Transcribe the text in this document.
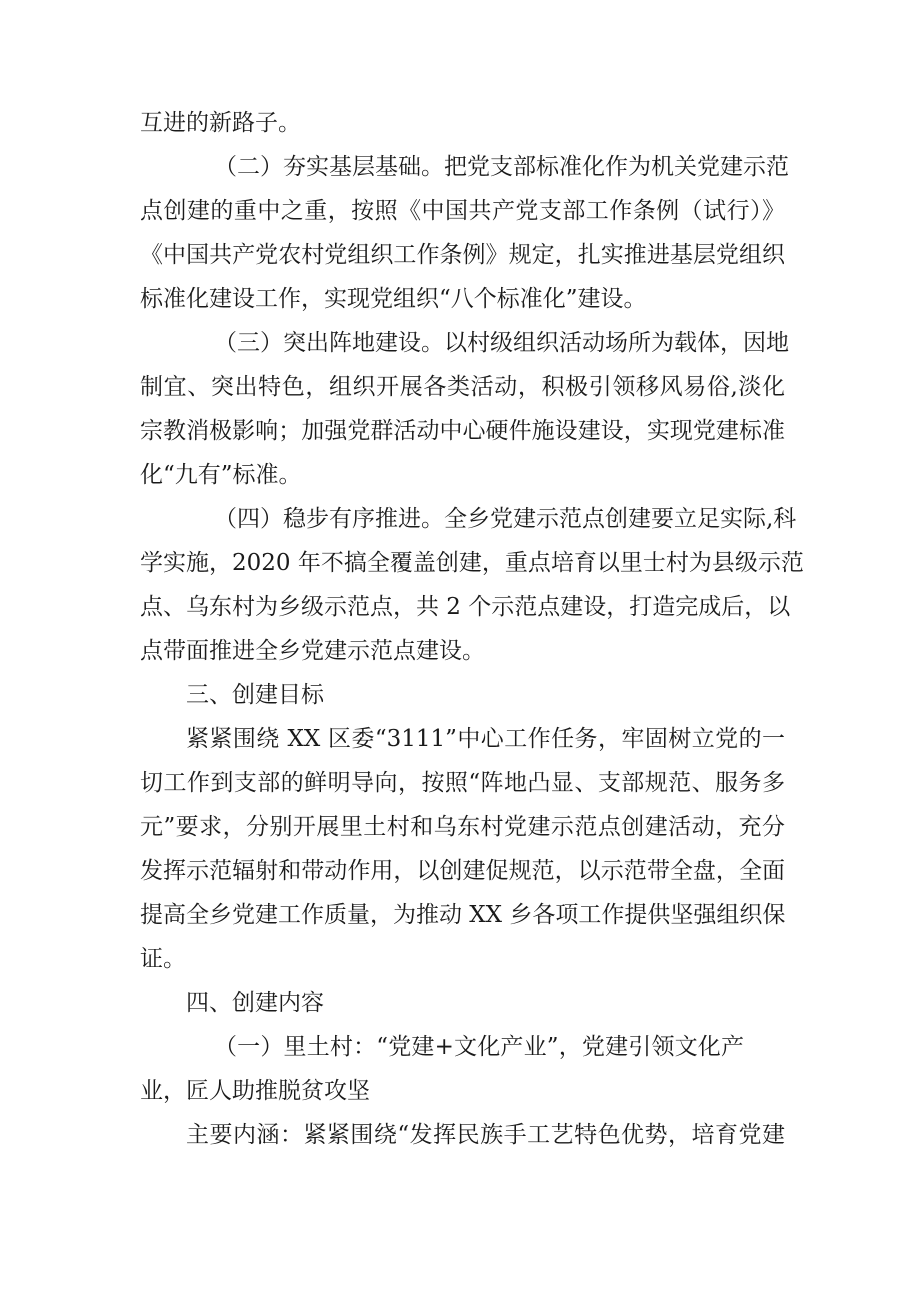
互进的新路子。
（二）夯实基层基础。把党支部标准化作为机关党建示范
点创建的重中之重，按照《中国共产党支部工作条例（试行）》
《中国共产党农村党组织工作条例》规定，扎实推进基层党组织
标准化建设工作，实现党组织“八个标准化”建设。
（三）突出阵地建设。以村级组织活动场所为载体，因地
制宜、突出特色，组织开展各类活动，积极引领移风易俗,淡化
宗教消极影响；加强党群活动中心硬件施设建设，实现党建标准
化“九有”标准。
（四）稳步有序推进。全乡党建示范点创建要立足实际,科
学实施，2020 年不搞全覆盖创建，重点培育以里士村为县级示范
点、乌东村为乡级示范点，共 2 个示范点建设，打造完成后，以
点带面推进全乡党建示范点建设。
三、创建目标
紧紧围绕 XX 区委“3111”中心工作任务，牢固树立党的一
切工作到支部的鲜明导向，按照“阵地凸显、支部规范、服务多
元”要求，分别开展里土村和乌东村党建示范点创建活动，充分
发挥示范辐射和带动作用，以创建促规范，以示范带全盘，全面
提高全乡党建工作质量，为推动 XX 乡各项工作提供坚强组织保
证。
四、创建内容
（一）里土村：“党建+文化产业”，党建引领文化产
业，匠人助推脱贫攻坚
主要内涵：紧紧围绕“发挥民族手工艺特色优势，培育党建
